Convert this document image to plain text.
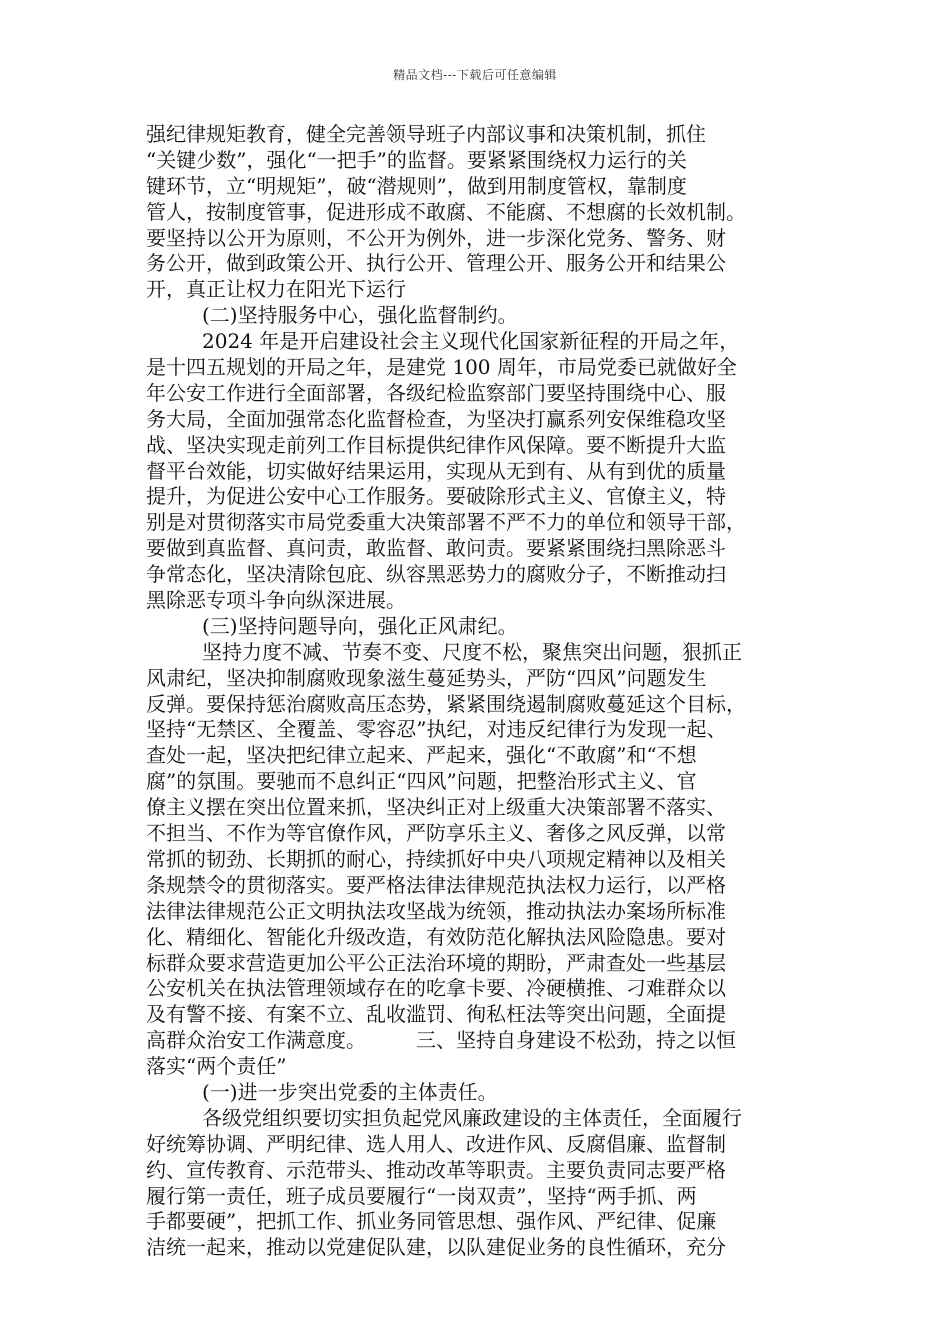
精品文档---下载后可任意编辑
强纪律规矩教育，健全完善领导班子内部议事和决策机制，抓住
“关键少数”，强化“一把手”的监督。要紧紧围绕权力运行的关
键环节，立“明规矩”，破“潜规则”，做到用制度管权，靠制度
管人，按制度管事，促进形成不敢腐、不能腐、不想腐的长效机制。
要坚持以公开为原则，不公开为例外，进一步深化党务、警务、财
务公开，做到政策公开、执行公开、管理公开、服务公开和结果公
开，真正让权力在阳光下运行
(二)坚持服务中心，强化监督制约。
2024 年是开启建设社会主义现代化国家新征程的开局之年，
是十四五规划的开局之年，是建党 100 周年，市局党委已就做好全
年公安工作进行全面部署，各级纪检监察部门要坚持围绕中心、服
务大局，全面加强常态化监督检查，为坚决打赢系列安保维稳攻坚
战、坚决实现走前列工作目标提供纪律作风保障。要不断提升大监
督平台效能，切实做好结果运用，实现从无到有、从有到优的质量
提升，为促进公安中心工作服务。要破除形式主义、官僚主义，特
别是对贯彻落实市局党委重大决策部署不严不力的单位和领导干部，
要做到真监督、真问责，敢监督、敢问责。要紧紧围绕扫黑除恶斗
争常态化，坚决清除包庇、纵容黑恶势力的腐败分子，不断推动扫
黑除恶专项斗争向纵深进展。
(三)坚持问题导向，强化正风肃纪。
坚持力度不减、节奏不变、尺度不松，聚焦突出问题，狠抓正
风肃纪，坚决抑制腐败现象滋生蔓延势头，严防“四风”问题发生
反弹。要保持惩治腐败高压态势，紧紧围绕遏制腐败蔓延这个目标，
坚持“无禁区、全覆盖、零容忍”执纪，对违反纪律行为发现一起、
查处一起，坚决把纪律立起来、严起来，强化“不敢腐”和“不想
腐”的氛围。要驰而不息纠正“四风”问题，把整治形式主义、官
僚主义摆在突出位置来抓，坚决纠正对上级重大决策部署不落实、
不担当、不作为等官僚作风，严防享乐主义、奢侈之风反弹，以常
常抓的韧劲、长期抓的耐心，持续抓好中央八项规定精神以及相关
条规禁令的贯彻落实。要严格法律法律规范执法权力运行，以严格
法律法律规范公正文明执法攻坚战为统领，推动执法办案场所标准
化、精细化、智能化升级改造，有效防范化解执法风险隐患。要对
标群众要求营造更加公平公正法治环境的期盼，严肃查处一些基层
公安机关在执法管理领域存在的吃拿卡要、冷硬横推、刁难群众以
及有警不接、有案不立、乱收滥罚、徇私枉法等突出问题，全面提
高群众治安工作满意度。　　　三、坚持自身建设不松劲，持之以恒
落实“两个责任”
(一)进一步突出党委的主体责任。
各级党组织要切实担负起党风廉政建设的主体责任，全面履行
好统筹协调、严明纪律、选人用人、改进作风、反腐倡廉、监督制
约、宣传教育、示范带头、推动改革等职责。主要负责同志要严格
履行第一责任，班子成员要履行“一岗双责”，坚持“两手抓、两
手都要硬”，把抓工作、抓业务同管思想、强作风、严纪律、促廉
洁统一起来，推动以党建促队建，以队建促业务的良性循环，充分
